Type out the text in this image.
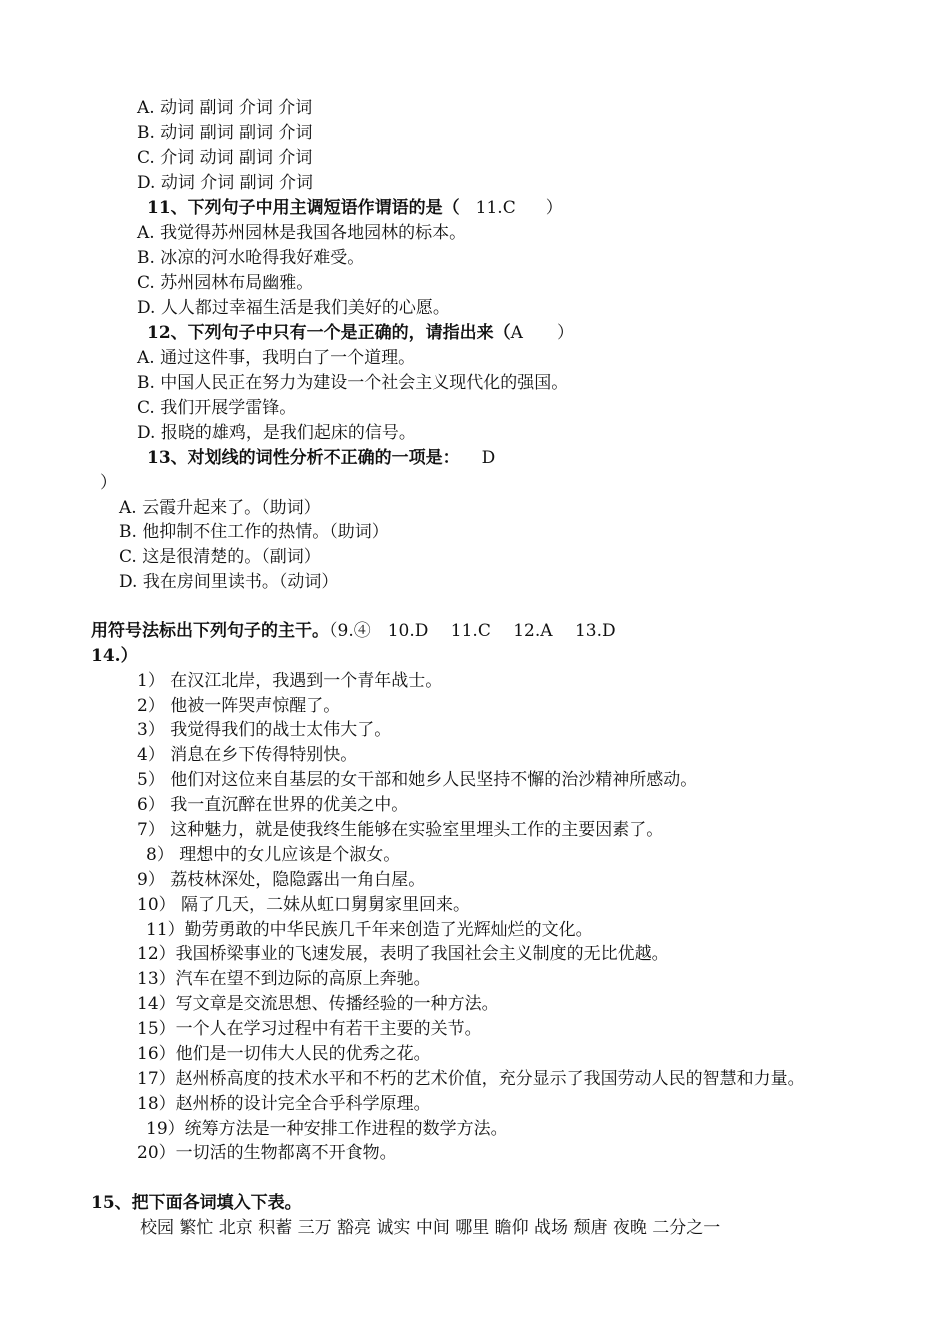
A. 动词 副词 介词 介词
B. 动词 副词 副词 介词
C. 介词 动词 副词 介词
D. 动词 介词 副词 介词
11、下列句子中用主调短语作谓语的是（ 11.C ）
A. 我觉得苏州园林是我国各地园林的标本。
B. 冰凉的河水呛得我好难受。
C. 苏州园林布局幽雅。
D. 人人都过幸福生活是我们美好的心愿。
12、下列句子中只有一个是正确的，请指出来（A ）
A. 通过这件事，我明白了一个道理。
B. 中国人民正在努力为建设一个社会主义现代化的强国。
C. 我们开展学雷锋。
D. 报晓的雄鸡，是我们起床的信号。
13、对划线的词性分析不正确的一项是： D
）
A. 云霞升起来了。（助词）
B. 他抑制不住工作的热情。（助词）
C. 这是很清楚的。（副词）
D. 我在房间里读书。（动词）
用符号法标出下列句子的主干。（9.④　10.D　 11.C　 12.A　 13.D
14.）
1） 在汉江北岸，我遇到一个青年战士。
2） 他被一阵哭声惊醒了。
3） 我觉得我们的战士太伟大了。
4） 消息在乡下传得特别快。
5） 他们对这位来自基层的女干部和她乡人民坚持不懈的治沙精神所感动。
6） 我一直沉醉在世界的优美之中。
7） 这种魅力，就是使我终生能够在实验室里埋头工作的主要因素了。
8） 理想中的女儿应该是个淑女。
9） 荔枝林深处，隐隐露出一角白屋。
10） 隔了几天，二妹从虹口舅舅家里回来。
11）勤劳勇敢的中华民族几千年来创造了光辉灿烂的文化。
12）我国桥梁事业的飞速发展，表明了我国社会主义制度的无比优越。
13）汽车在望不到边际的高原上奔驰。
14）写文章是交流思想、传播经验的一种方法。
15）一个人在学习过程中有若干主要的关节。
16）他们是一切伟大人民的优秀之花。
17）赵州桥高度的技术水平和不朽的艺术价值，充分显示了我国劳动人民的智慧和力量。
18）赵州桥的设计完全合乎科学原理。
19）统筹方法是一种安排工作进程的数学方法。
20）一切活的生物都离不开食物。
15、把下面各词填入下表。
校园 繁忙 北京 积蓄 三万 豁亮 诚实 中间 哪里 瞻仰 战场 颓唐 夜晚 二分之一
